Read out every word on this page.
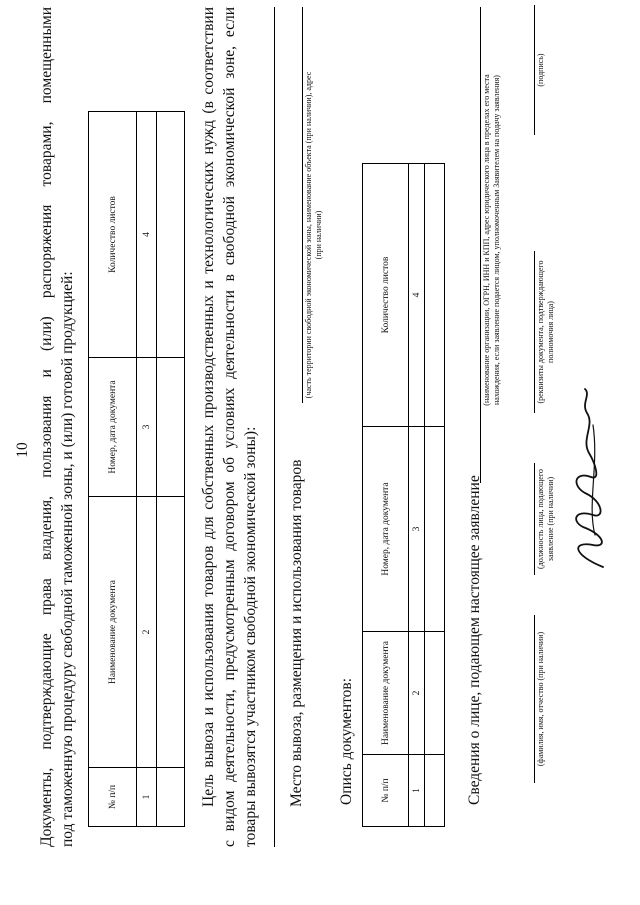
10 Документы, подтверждающие права владения, пользования и (или) распоряжения товарами, помещенными под таможенную процедуру свободной таможенной зоны, и (или) готовой продукцией:	№ п/п	Наименование документа	Номер, дата документа	Количество листов
1	2	3	4
				Цель вывоза и использования товаров для собственных производственных и технологических нужд (в соответствии с видом деятельности, предусмотренным договором об условиях деятельности в свободной экономической зоне, если товары вывозятся участником свободной экономической зоны): Место вывоза, размещения и использования товаров
(часть территории свободной экономической зоны, наименование объекта (при наличии), адрес (при наличии)
Опись документов:	№ п/п	Наименование документа	Номер, дата документа	Количество листов
1	2	3	4

Сведения о лице, подающем настоящее заявление
(наименование организации, ОГРН, ИНН и КПП, адрес юридического лица в пределах его места нахождения, если заявление подается лицом, уполномоченным Заявителем на подачу заявления)
(фамилия, имя, отчество (при наличии)
(должность лица, подающего заявление (при наличии)
(реквизиты документа, подтверждающего полномочия лица)
(подпись)
